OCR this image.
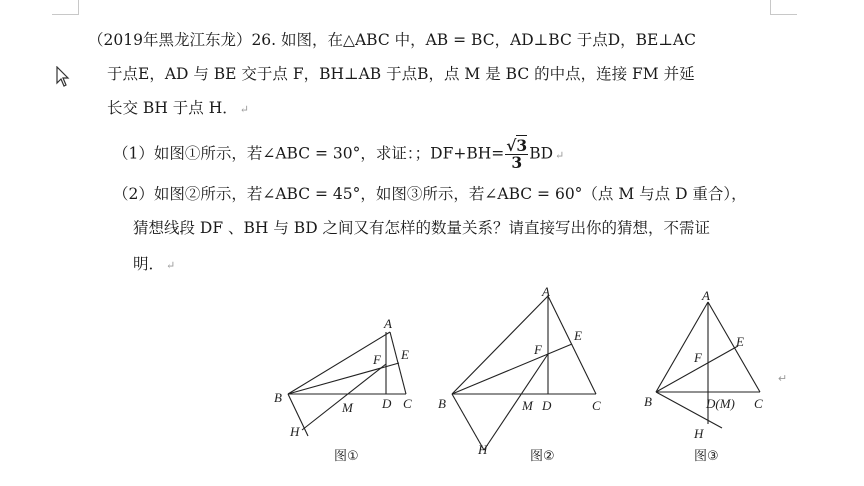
（2019年黑龙江东龙）26. 如图，在△ABC 中，AB = BC，AD⊥BC 于点D，BE⊥AC
于点E，AD 与 BE 交于点 F，BH⊥AB 于点B，点 M 是 BC 的中点，连接 FM 并延
长交 BH 于点 H． ↵
（1）如图①所示，若∠ABC = 30°，求证：；$DF+BH= \frac{√3}{3}$ BD ↵
（2）如图②所示，若∠ABC = 45°，如图③所示，若∠ABC = 60°（点 M 与点 D 重合），
猜想线段 DF 、BH 与 BD 之间又有怎样的数量关系？请直接写出你的猜想，不需证
明． ↵
A
B	C
D
E
F
M
H
图①
A
B	C
D
E
F
M
H	图②
A
B	C
D(M)
E
F
H
图③
↵
